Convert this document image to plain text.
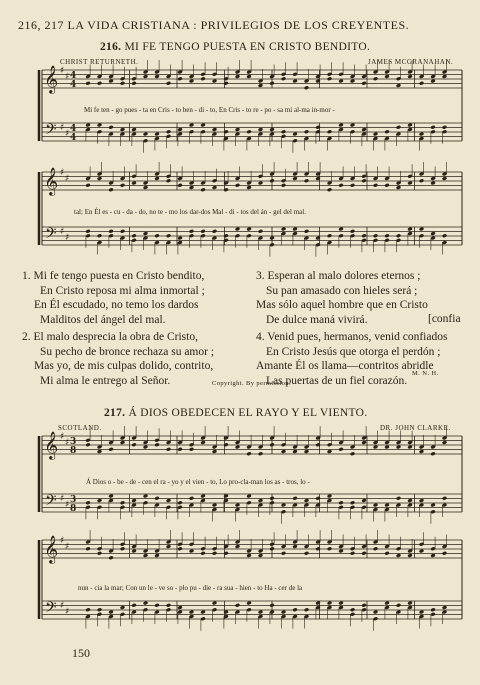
216, 217 LA VIDA CRISTIANA : PRIVILEGIOS DE LOS CREYENTES.
216. MI FE TENGO PUESTA EN CRISTO BENDITO.
CHRIST RETURNETH.	JAMES MCGRANAHAN.
𝄞
𝄢
♯
♯
♯
♯
𝄞
𝄢
♯
♯
♯
♯
𝄞
𝄢
♯
♯
♯
♯
𝄞
𝄢
♯
♯
♯
♯
4
4
4
4
3
8
3
8
Mi fe ten - go pues - ta en Cris - to ben - di - to, En Cris - to re - po - sa mi al-ma in-mor -
tal; En Él es - cu - da - do, no te - mo los dar-dos Mal - di - tos del án - gel del mal.
1. Mi fe tengo puesta en Cristo bendito,
En Cristo reposa mi alma inmortal ;
En Él escudado, no temo los dardos
Malditos del ángel del mal.
2. El malo desprecia la obra de Cristo,
Su pecho de bronce rechaza su amor ;
Mas yo, de mis culpas dolido, contrito,
Mi alma le entrego al Señor.
3. Esperan al malo dolores eternos ;
Su pan amasado con hieles será ;
Mas sólo aquel hombre que en Cristo
De dulce maná vivirá.	[confia
4. Venid pues, hermanos, venid confiados
En Cristo Jesús que otorga el perdón ;
Amante Él os llama—contritos abridle
Las puertas de un fiel corazón.
M. N. H.
Copyright. By permission.
217. Á DIOS OBEDECEN EL RAYO Y EL VIENTO.
SCOTLAND.	DR. JOHN CLARKE.
Á Dios o - be - de - cen el ra - yo y el vien - to, Lo pro-cla-man los as - tros, lo -
nun - cia la mar; Con un le - ve so - plo pu - die - ra sua - hien - to Ha - cer de la
150
